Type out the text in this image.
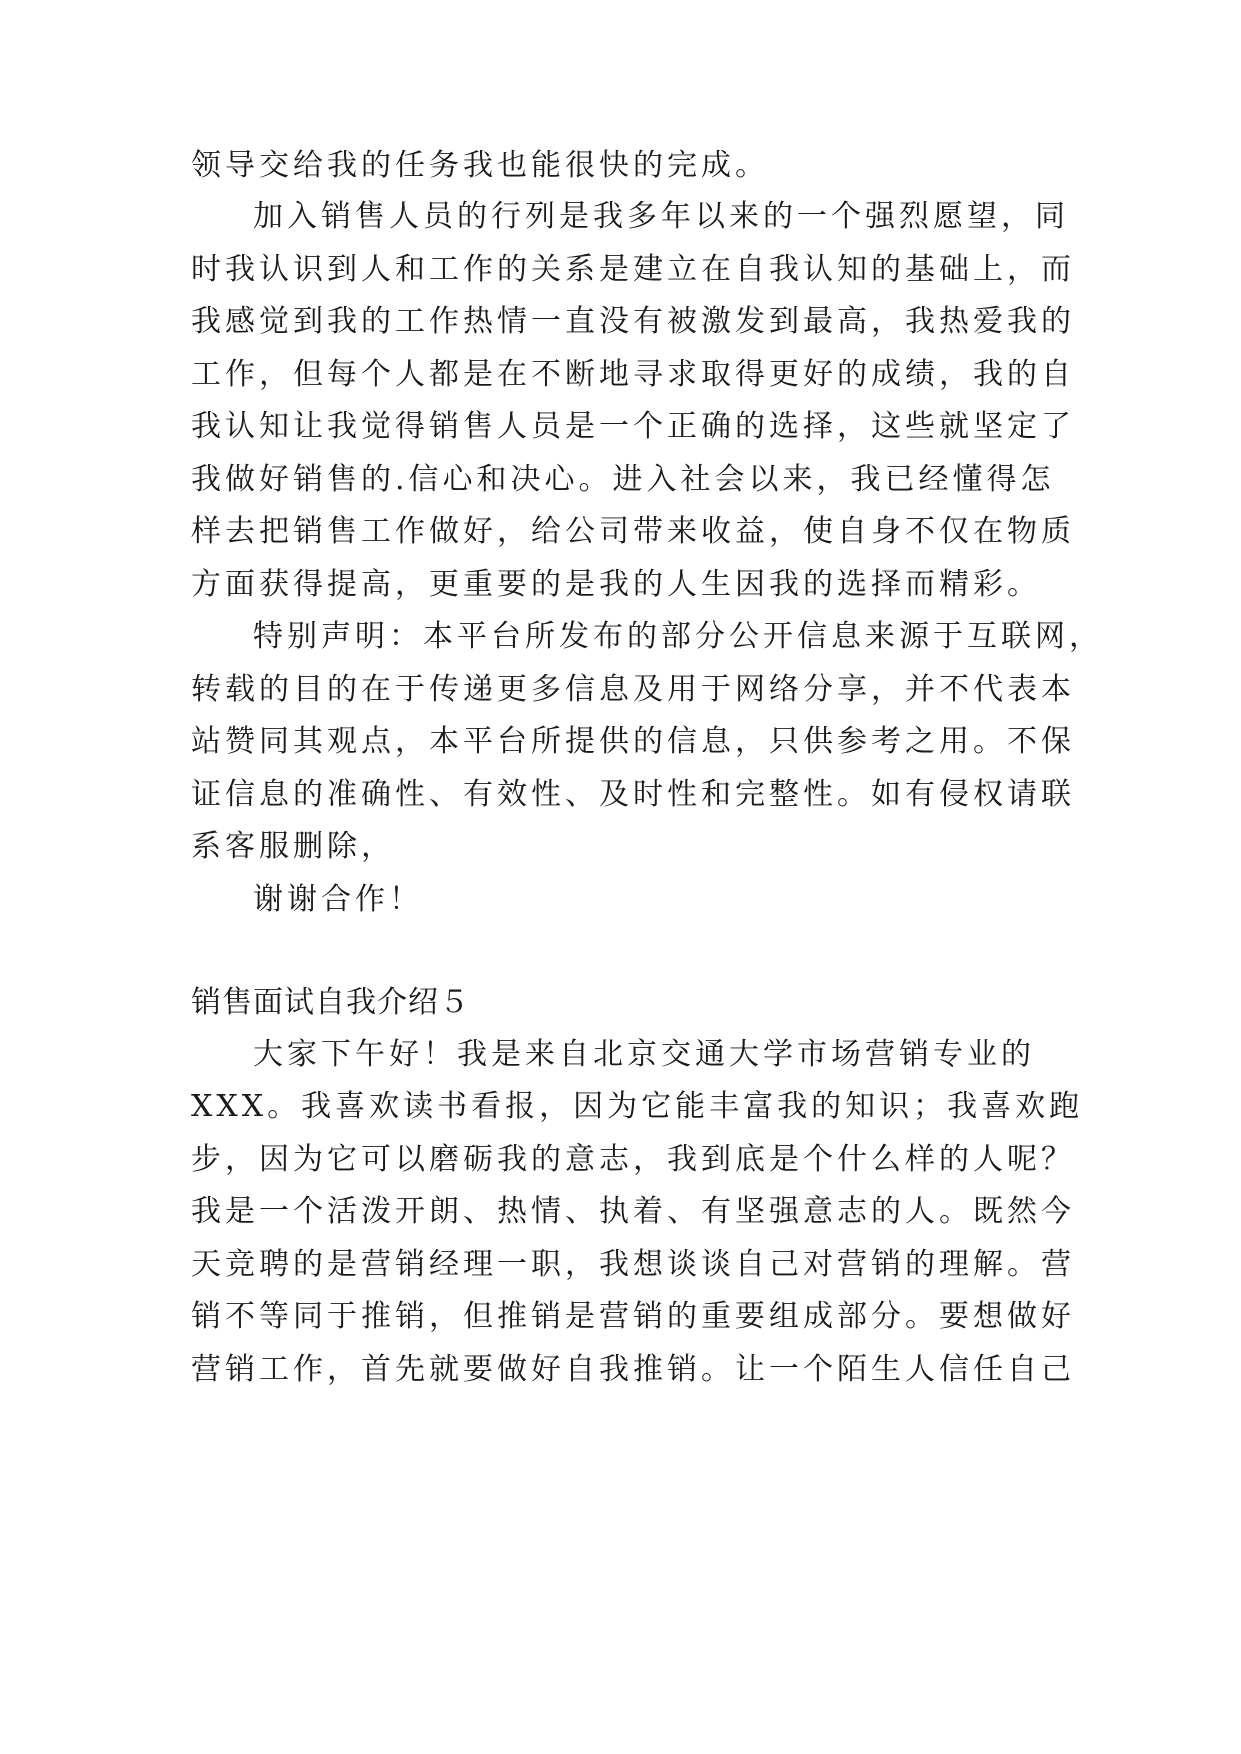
领导交给我的任务我也能很快的完成。
加入销售人员的行列是我多年以来的一个强烈愿望，同
时我认识到人和工作的关系是建立在自我认知的基础上，而
我感觉到我的工作热情一直没有被激发到最高，我热爱我的
工作，但每个人都是在不断地寻求取得更好的成绩，我的自
我认知让我觉得销售人员是一个正确的选择，这些就坚定了
我做好销售的.信心和决心。进入社会以来，我已经懂得怎
样去把销售工作做好，给公司带来收益，使自身不仅在物质
方面获得提高，更重要的是我的人生因我的选择而精彩。
特别声明：本平台所发布的部分公开信息来源于互联网，
转载的目的在于传递更多信息及用于网络分享，并不代表本
站赞同其观点，本平台所提供的信息，只供参考之用。不保
证信息的准确性、有效性、及时性和完整性。如有侵权请联
系客服删除，
谢谢合作！
销售面试自我介绍５
大家下午好！我是来自北京交通大学市场营销专业的
XXX。我喜欢读书看报，因为它能丰富我的知识；我喜欢跑
步，因为它可以磨砺我的意志，我到底是个什么样的人呢？
我是一个活泼开朗、热情、执着、有坚强意志的人。既然今
天竞聘的是营销经理一职，我想谈谈自己对营销的理解。营
销不等同于推销，但推销是营销的重要组成部分。要想做好
营销工作，首先就要做好自我推销。让一个陌生人信任自己
